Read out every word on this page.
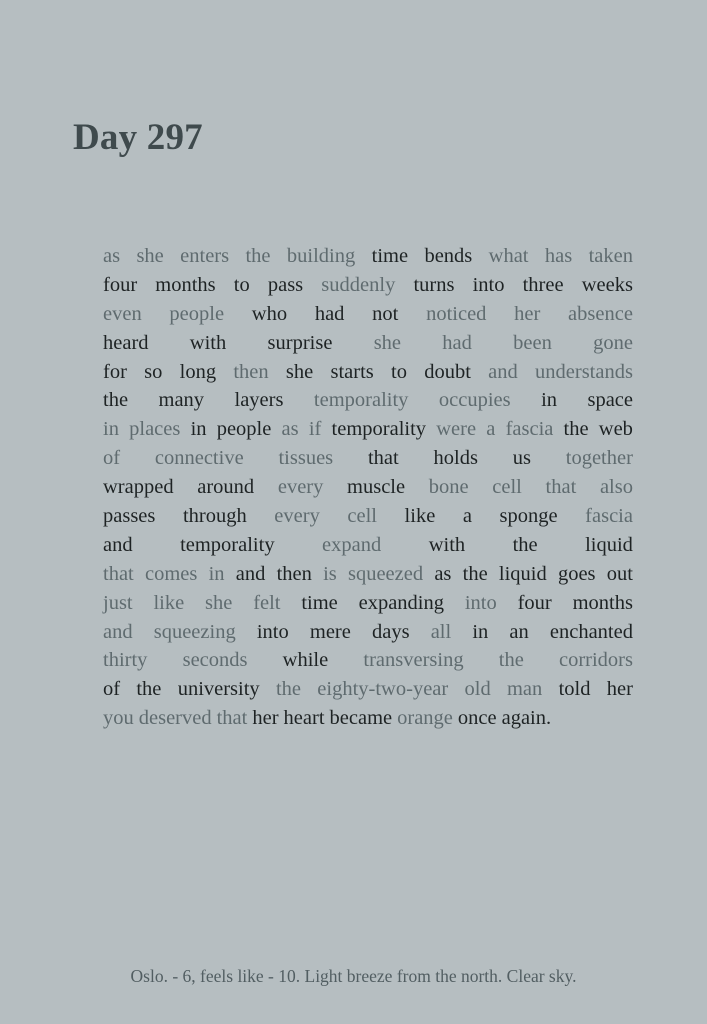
Day 297
as she enters the building time bends what has taken
four months to pass suddenly turns into three weeks
even people who had not noticed her absence
heard with surprise she had been gone
for so long then she starts to doubt and understands
the many layers temporality occupies in space
in places in people as if temporality were a fascia the web
of connective tissues that holds us together
wrapped around every muscle bone cell that also
passes through every cell like a sponge fascia
and temporality expand with the liquid
that comes in and then is squeezed as the liquid goes out
just like she felt time expanding into four months
and squeezing into mere days all in an enchanted
thirty seconds while transversing the corridors
of the university the eighty-two-year old man told her
you deserved that her heart became orange once again.
Oslo. - 6, feels like - 10. Light breeze from the north. Clear sky.
